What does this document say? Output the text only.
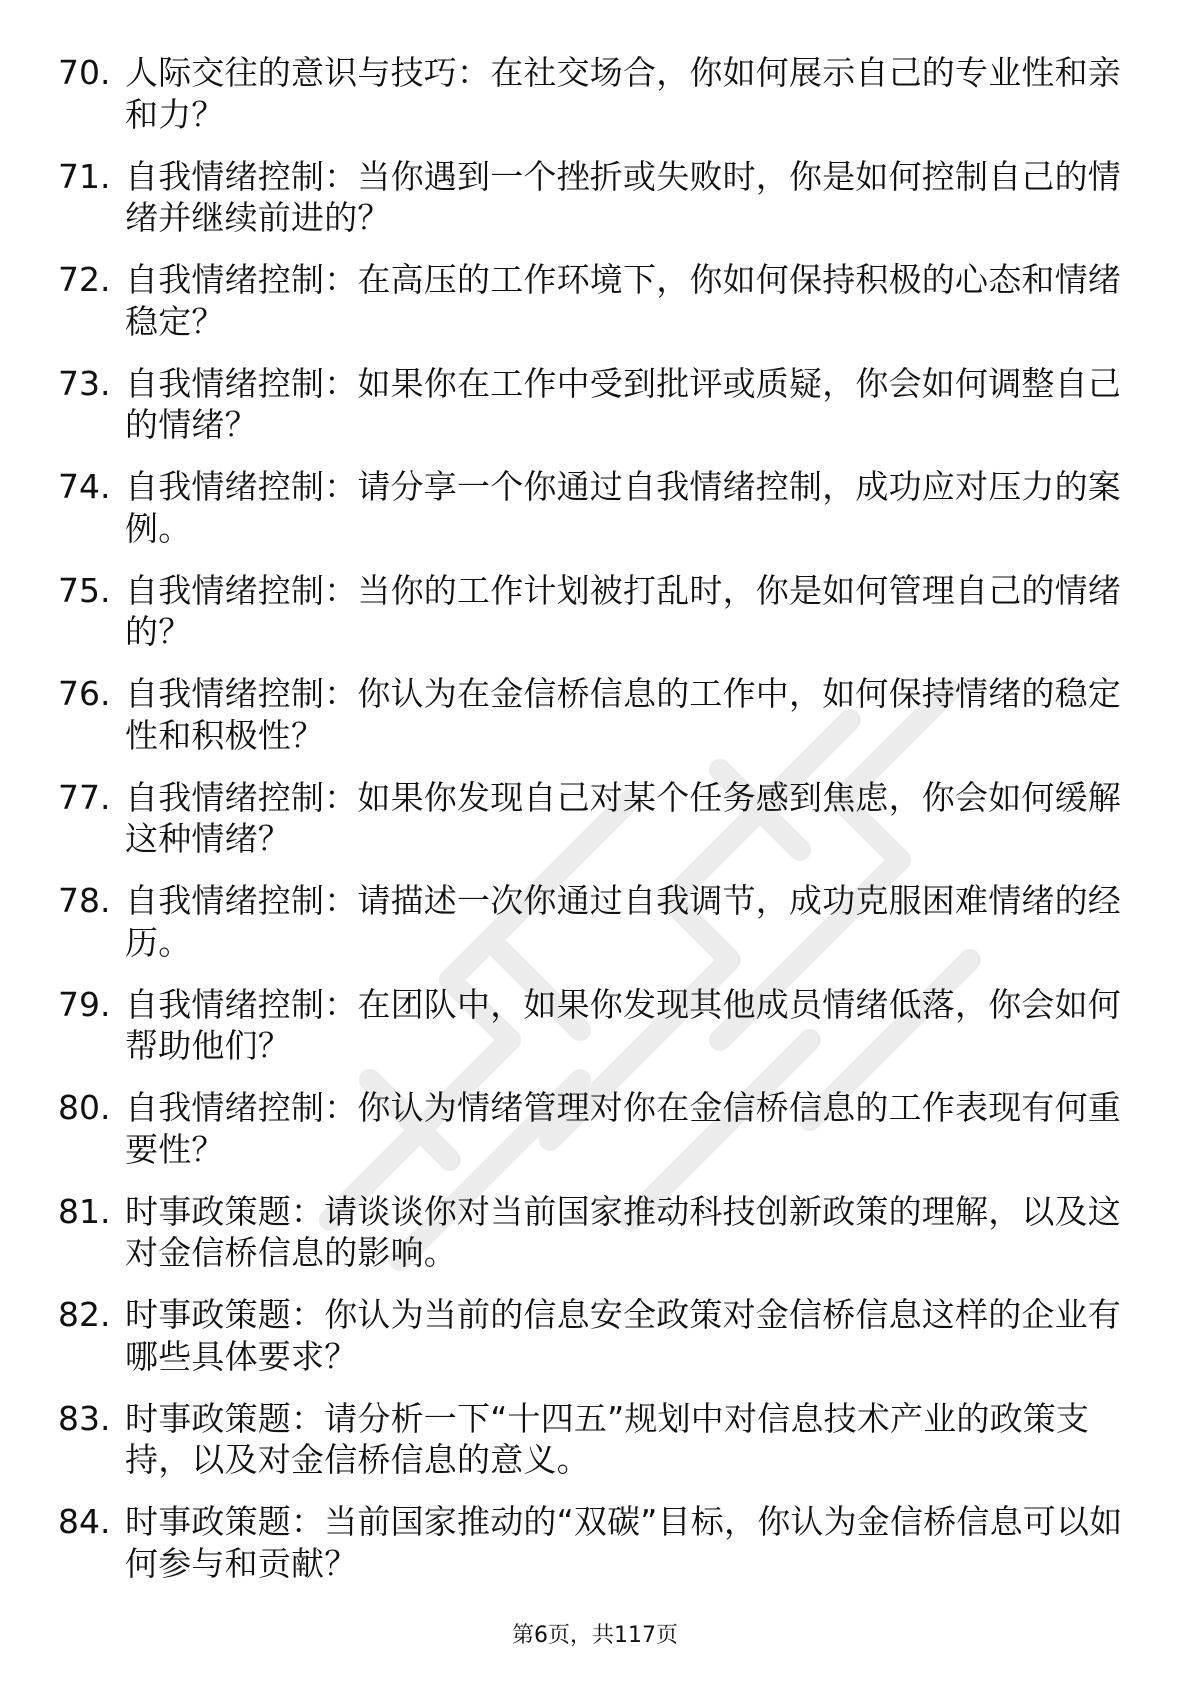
70. 人际交往的意识与技巧：在社交场合，你如何展示自己的专业性和亲和力？
71. 自我情绪控制：当你遇到一个挫折或失败时，你是如何控制自己的情绪并继续前进的？
72. 自我情绪控制：在高压的工作环境下，你如何保持积极的心态和情绪稳定？
73. 自我情绪控制：如果你在工作中受到批评或质疑，你会如何调整自己的情绪？
74. 自我情绪控制：请分享一个你通过自我情绪控制，成功应对压力的案例。
75. 自我情绪控制：当你的工作计划被打乱时，你是如何管理自己的情绪的？
76. 自我情绪控制：你认为在金信桥信息的工作中，如何保持情绪的稳定性和积极性？
77. 自我情绪控制：如果你发现自己对某个任务感到焦虑，你会如何缓解这种情绪？
78. 自我情绪控制：请描述一次你通过自我调节，成功克服困难情绪的经历。
79. 自我情绪控制：在团队中，如果你发现其他成员情绪低落，你会如何帮助他们？
80. 自我情绪控制：你认为情绪管理对你在金信桥信息的工作表现有何重要性？
81. 时事政策题：请谈谈你对当前国家推动科技创新政策的理解，以及这对金信桥信息的影响。
82. 时事政策题：你认为当前的信息安全政策对金信桥信息这样的企业有哪些具体要求？
83. 时事政策题：请分析一下“十四五”规划中对信息技术产业的政策支持，以及对金信桥信息的意义。
84. 时事政策题：当前国家推动的“双碳”目标，你认为金信桥信息可以如何参与和贡献？
第6页，共117页
